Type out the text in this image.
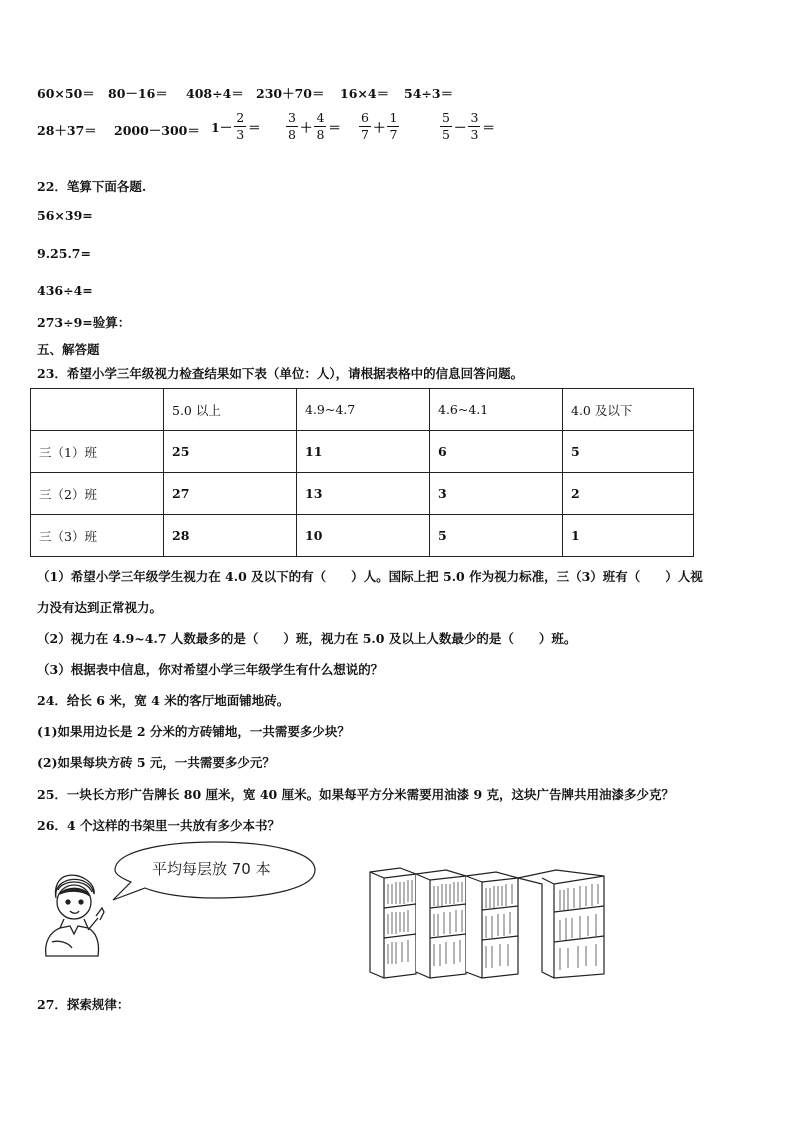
60×50＝ 80－16＝ 408÷4＝ 230＋70＝ 16×4＝ 54÷3＝
$28+37= 2000-300= 1- \frac{2}{3} = \frac{3}{8} + \frac{4}{8} = \frac{6}{7} + \frac{1}{7}$	$\frac{5}{5} - \frac{3}{3}$ ＝
22．笔算下面各题.
56×39=
9.25.7=
436÷4=
273÷9=验算：
五、解答题
23．希望小学三年级视力检查结果如下表（单位：人），请根据表格中的信息回答问题。
	5.0 以上	4.9~4.7	4.6~4.1	4.0 及以下
三（1）班	25	11	6	5
三（2）班	27	13	3	2
三（3）班	28	10	5	1
（1）希望小学三年级学生视力在 4.0 及以下的有（　　）人。国际上把 5.0 作为视力标准，三（3）班有（　　）人视
力没有达到正常视力。
（2）视力在 4.9~4.7 人数最多的是（　　）班，视力在 5.0 及以上人数最少的是（　　）班。
（3）根据表中信息，你对希望小学三年级学生有什么想说的？
24．给长 6 米，宽 4 米的客厅地面铺地砖。
(1)如果用边长是 2 分米的方砖铺地，一共需要多少块？
(2)如果每块方砖 5 元，一共需要多少元？
25．一块长方形广告牌长 80 厘米，宽 40 厘米。如果每平方分米需要用油漆 9 克，这块广告牌共用油漆多少克？
26．4 个这样的书架里一共放有多少本书？
平均每层放 70 本
27．探索规律：
